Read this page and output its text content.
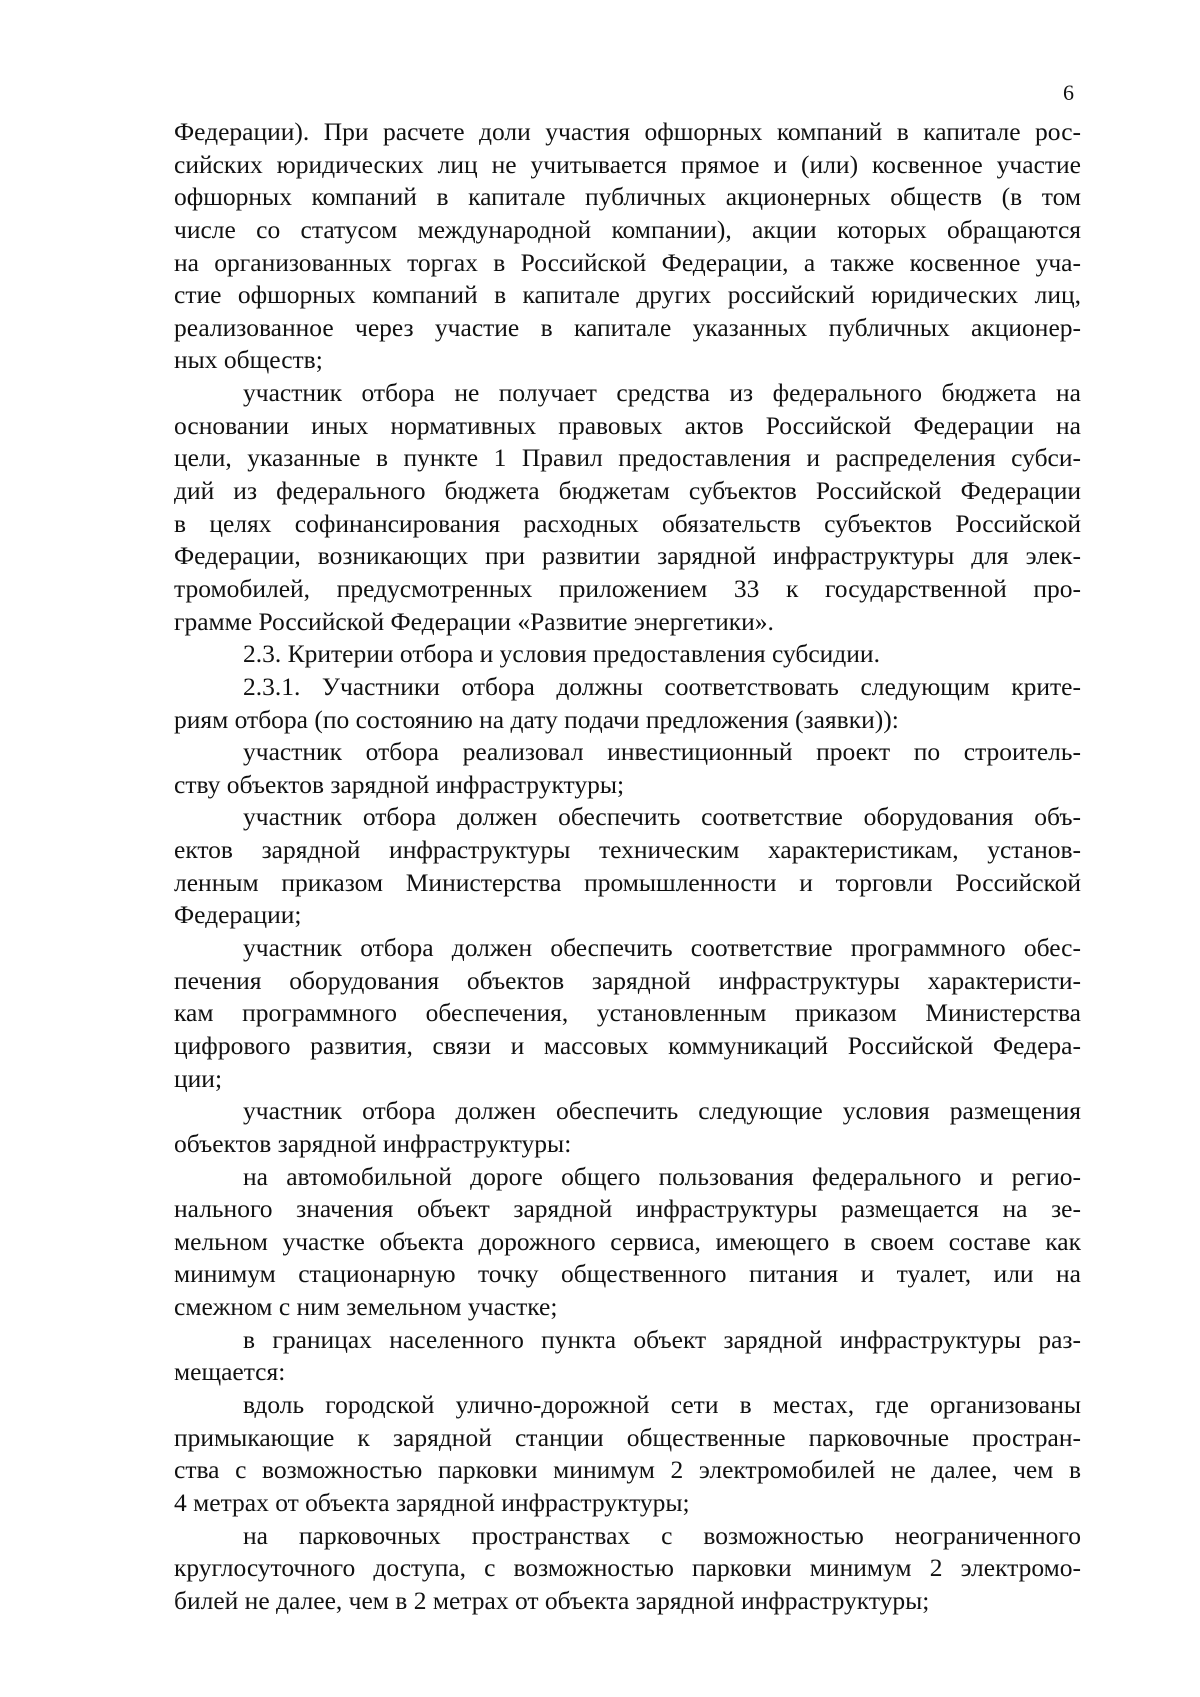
6
Федерации). При расчете доли участия офшорных компаний в капитале рос-
сийских юридических лиц не учитывается прямое и (или) косвенное участие
офшорных компаний в капитале публичных акционерных обществ (в том
числе со статусом международной компании), акции которых обращаются
на организованных торгах в Российской Федерации, а также косвенное уча-
стие офшорных компаний в капитале других российский юридических лиц,
реализованное через участие в капитале указанных публичных акционер-
ных обществ;
участник отбора не получает средства из федерального бюджета на
основании иных нормативных правовых актов Российской Федерации на
цели, указанные в пункте 1 Правил предоставления и распределения субси-
дий из федерального бюджета бюджетам субъектов Российской Федерации
в целях софинансирования расходных обязательств субъектов Российской
Федерации, возникающих при развитии зарядной инфраструктуры для элек-
тромобилей, предусмотренных приложением 33 к государственной про-
грамме Российской Федерации «Развитие энергетики».
2.3. Критерии отбора и условия предоставления субсидии.
2.3.1. Участники отбора должны соответствовать следующим крите-
риям отбора (по состоянию на дату подачи предложения (заявки)):
участник отбора реализовал инвестиционный проект по строитель-
ству объектов зарядной инфраструктуры;
участник отбора должен обеспечить соответствие оборудования объ-
ектов зарядной инфраструктуры техническим характеристикам, установ-
ленным приказом Министерства промышленности и торговли Российской
Федерации;
участник отбора должен обеспечить соответствие программного обес-
печения оборудования объектов зарядной инфраструктуры характеристи-
кам программного обеспечения, установленным приказом Министерства
цифрового развития, связи и массовых коммуникаций Российской Федера-
ции;
участник отбора должен обеспечить следующие условия размещения
объектов зарядной инфраструктуры:
на автомобильной дороге общего пользования федерального и регио-
нального значения объект зарядной инфраструктуры размещается на зе-
мельном участке объекта дорожного сервиса, имеющего в своем составе как
минимум стационарную точку общественного питания и туалет, или на
смежном с ним земельном участке;
в границах населенного пункта объект зарядной инфраструктуры раз-
мещается:
вдоль городской улично-дорожной сети в местах, где организованы
примыкающие к зарядной станции общественные парковочные простран-
ства с возможностью парковки минимум 2 электромобилей не далее, чем в
4 метрах от объекта зарядной инфраструктуры;
на парковочных пространствах с возможностью неограниченного
круглосуточного доступа, с возможностью парковки минимум 2 электромо-
билей не далее, чем в 2 метрах от объекта зарядной инфраструктуры;
